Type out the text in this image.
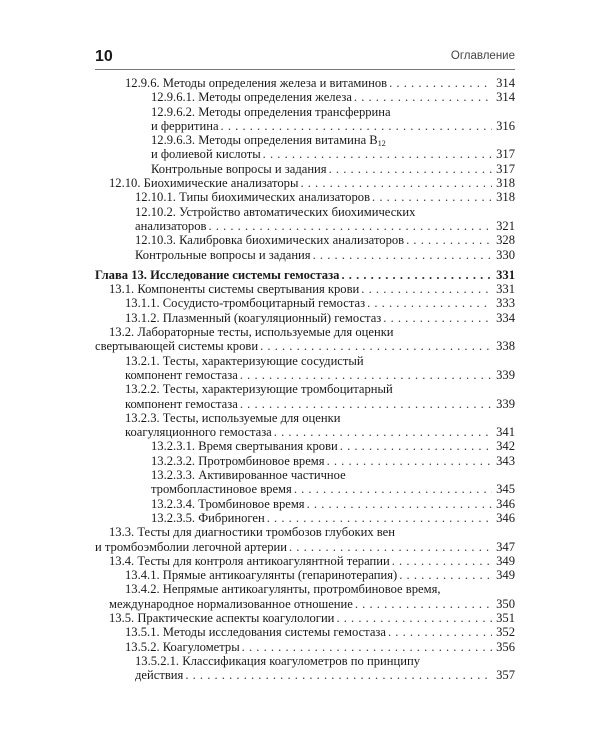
10	Оглавление
12.9.6. Методы определения железа и витаминов . . .	314
12.9.6.1. Методы определения железа . . .	314
12.9.6.2. Методы определения трансферрина
и ферритина . . .	316
12.9.6.3. Методы определения витамина $B_{12}$
и фолиевой кислоты . . .	317
Контрольные вопросы и задания . . .	317
12.10. Биохимические анализаторы . . .	318
12.10.1. Типы биохимических анализаторов . . .	318
12.10.2. Устройство автоматических биохимических
анализаторов . . .	321
12.10.3. Калибровка биохимических анализаторов . . .	328
Контрольные вопросы и задания . . .	330
Глава 13. Исследование системы гемостаза . . .	331
13.1. Компоненты системы свертывания крови . . .	331
13.1.1. Сосудисто-тромбоцитарный гемостаз . . .	333
13.1.2. Плазменный (коагуляционный) гемостаз . . .	334
13.2. Лабораторные тесты, используемые для оценки
свертывающей системы крови . . .	338
13.2.1. Тесты, характеризующие сосудистый
компонент гемостаза . . .	339
13.2.2. Тесты, характеризующие тромбоцитарный
компонент гемостаза . . .	339
13.2.3. Тесты, используемые для оценки
коагуляционного гемостаза . . .	341
13.2.3.1. Время свертывания крови . . .	342
13.2.3.2. Протромбиновое время . . .	343
13.2.3.3. Активированное частичное
тромбопластиновое время . . .	345
13.2.3.4. Тромбиновое время . . .	346
13.2.3.5. Фибриноген . . .	346
13.3. Тесты для диагностики тромбозов глубоких вен
и тромбоэмболии легочной артерии . . .	347
13.4. Тесты для контроля антикоагулянтной терапии . . .	349
13.4.1. Прямые антикоагулянты (гепаринотерапия) . . .	349
13.4.2. Непрямые антикоагулянты, протромбиновое время,
международное нормализованное отношение . . .	350
13.5. Практические аспекты коагулологии . . .	351
13.5.1. Методы исследования системы гемостаза . . .	352
13.5.2. Коагулометры . . .	356
13.5.2.1. Классификация коагулометров по принципу
действия . . .	357
